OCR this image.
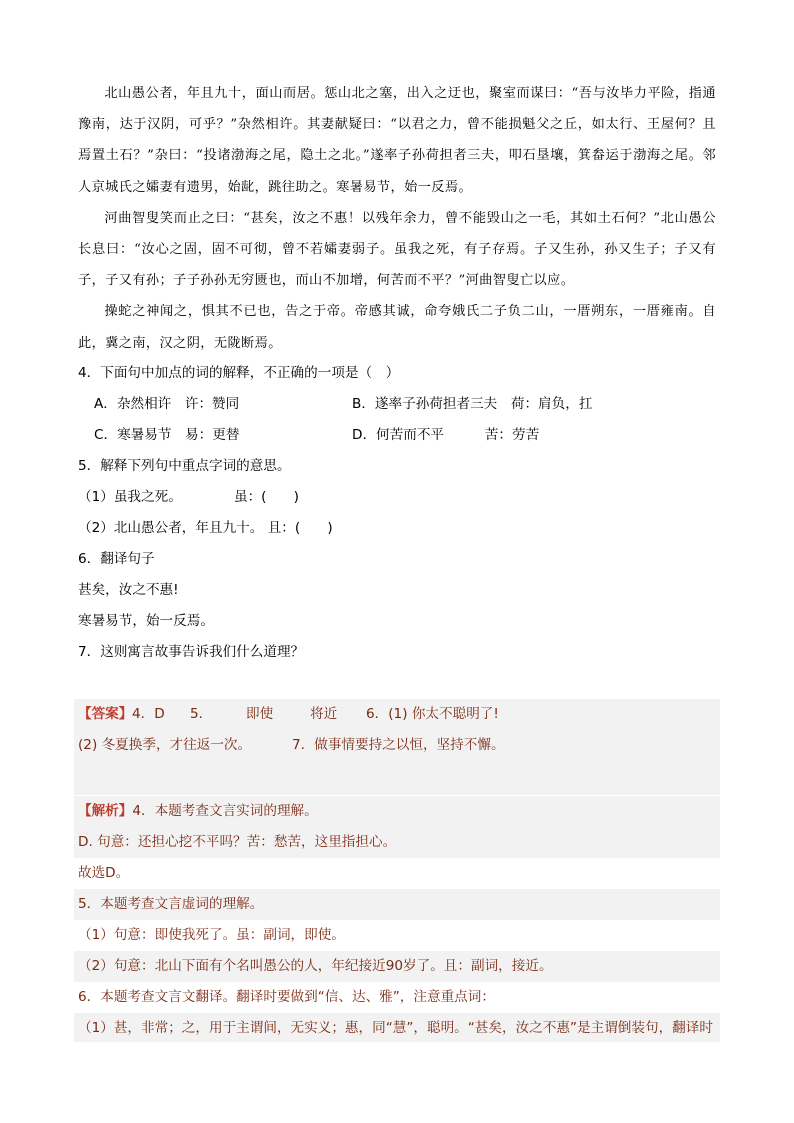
北山愚公者，年且九十，面山而居。惩山北之塞，出入之迂也，聚室而谋曰：“吾与汝毕力平险，指通豫南，达于汉阴，可乎？”杂然相许。其妻献疑曰：“以君之力，曾不能损魁父之丘，如太行、王屋何？且焉置土石？”杂曰：“投诸渤海之尾，隐土之北。”遂率子孙荷担者三夫，叩石垦壤，箕畚运于渤海之尾。邻人京城氏之孀妻有遗男，始龀，跳往助之。寒暑易节，始一反焉。

河曲智叟笑而止之曰：“甚矣，汝之不惠！以残年余力，曾不能毁山之一毛，其如土石何？”北山愚公长息曰：“汝心之固，固不可彻，曾不若孀妻弱子。虽我之死，有子存焉。子又生孙，孙又生子；子又有子，子又有孙；子子孙孙无穷匮也，而山不加增，何苦而不平？”河曲智叟亡以应。

操蛇之神闻之，惧其不已也，告之于帝。帝感其诚，命夸娥氏二子负二山，一厝朔东，一厝雍南。自此，冀之南，汉之阴，无陇断焉。

4．下面句中加点的词的解释，不正确的一项是（　）
A．杂然相许　许：赞同	B．遂率子孙荷担者三夫　荷：肩负，扛
C．寒暑易节　易：更替	D．何苦而不平　　　苦：劳苦
5．解释下列句中重点字词的意思。
（1）虽我之死。	虽：(　　)
（2）北山愚公者，年且九十。 且：(　　)
6．翻译句子
甚矣，汝之不惠!
寒暑易节，始一反焉。
7．这则寓言故事告诉我们什么道理？
【答案】 4．D 5． 即使	将近 6．(1) 你太不聪明了!
(2) 冬夏换季，才往返一次。	7．做事情要持之以恒，坚持不懈。
【解析】4．本题考查文言实词的理解。
D. 句意：还担心挖不平吗？苦：愁苦，这里指担心。
故选D。
5．本题考查文言虚词的理解。
（1）句意：即使我死了。虽：副词，即使。
（2）句意：北山下面有个名叫愚公的人，年纪接近90岁了。且：副词，接近。
6．本题考查文言文翻译。翻译时要做到“信、达、雅”，注意重点词：
（1）甚，非常；之，用于主谓间，无实义；惠，同“慧”，聪明。“甚矣，汝之不惠”是主谓倒装句，翻译时
